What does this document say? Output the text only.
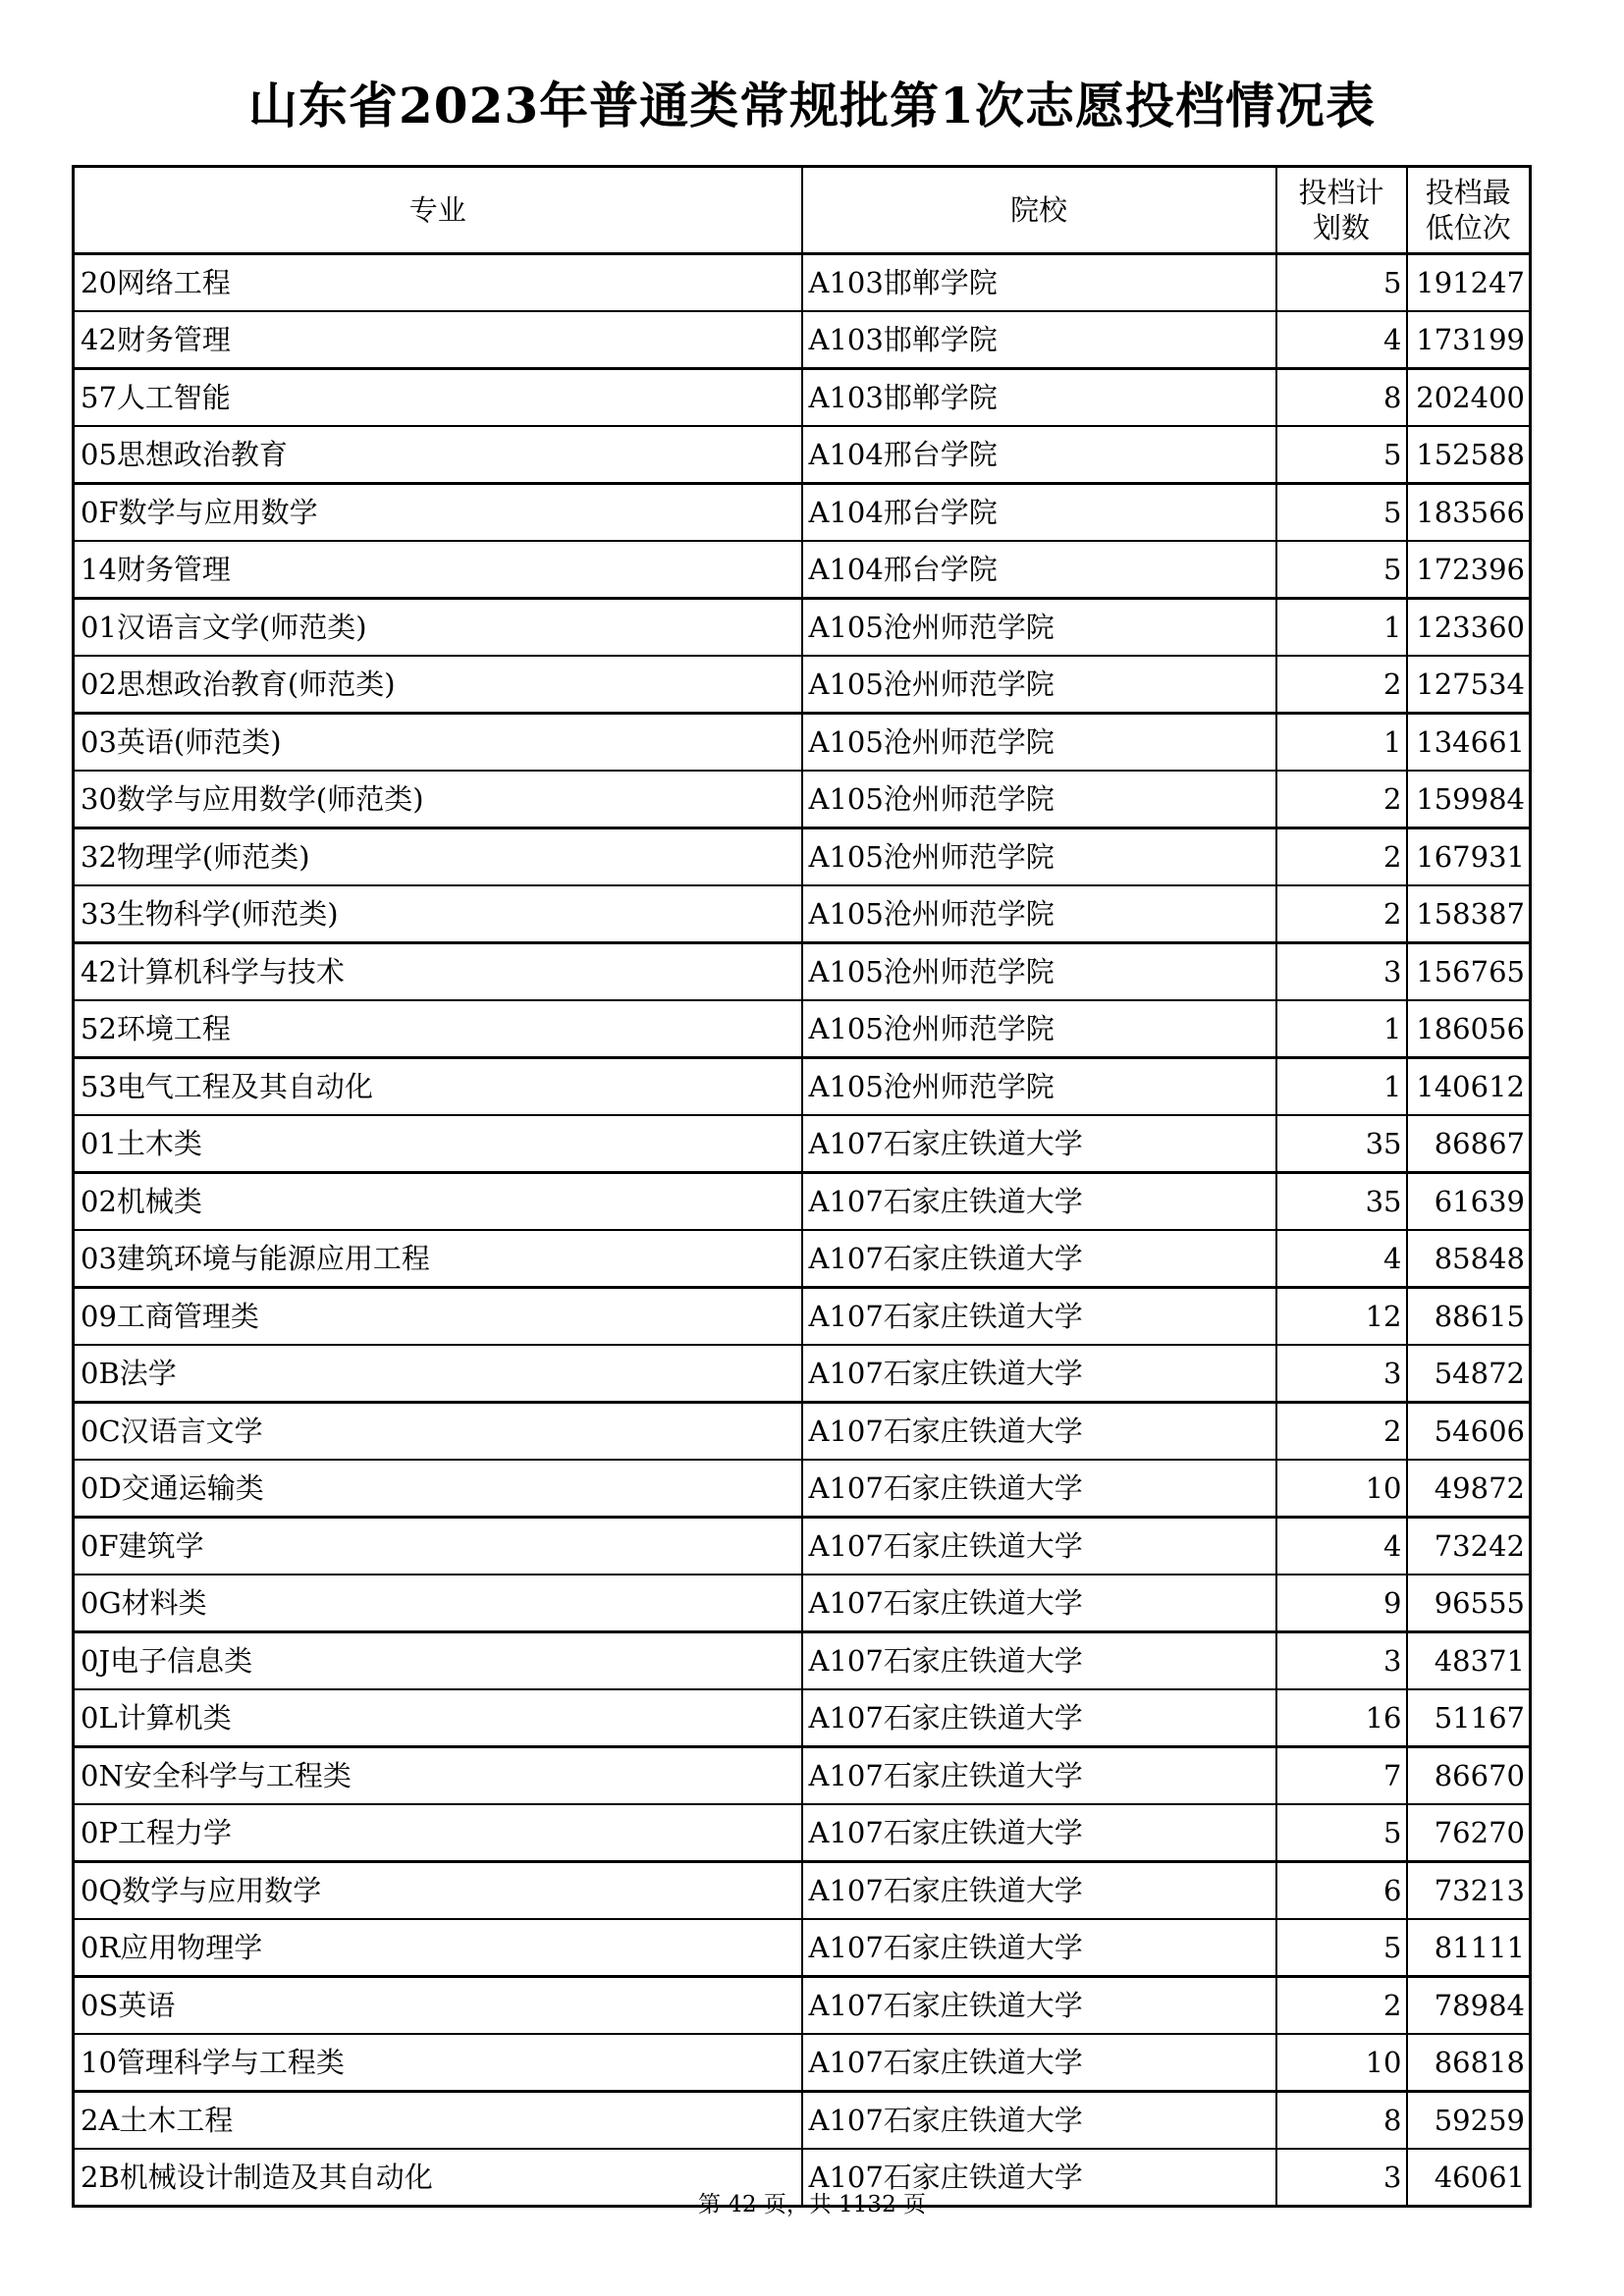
山东省2023年普通类常规批第1次志愿投档情况表
专业	院校	投档计划数	投档最低位次
20网络工程	A103邯郸学院	5	191247
42财务管理	A103邯郸学院	4	173199
57人工智能	A103邯郸学院	8	202400
05思想政治教育	A104邢台学院	5	152588
0F数学与应用数学	A104邢台学院	5	183566
14财务管理	A104邢台学院	5	172396
01汉语言文学(师范类)	A105沧州师范学院	1	123360
02思想政治教育(师范类)	A105沧州师范学院	2	127534
03英语(师范类)	A105沧州师范学院	1	134661
30数学与应用数学(师范类)	A105沧州师范学院	2	159984
32物理学(师范类)	A105沧州师范学院	2	167931
33生物科学(师范类)	A105沧州师范学院	2	158387
42计算机科学与技术	A105沧州师范学院	3	156765
52环境工程	A105沧州师范学院	1	186056
53电气工程及其自动化	A105沧州师范学院	1	140612
01土木类	A107石家庄铁道大学	35	86867
02机械类	A107石家庄铁道大学	35	61639
03建筑环境与能源应用工程	A107石家庄铁道大学	4	85848
09工商管理类	A107石家庄铁道大学	12	88615
0B法学	A107石家庄铁道大学	3	54872
0C汉语言文学	A107石家庄铁道大学	2	54606
0D交通运输类	A107石家庄铁道大学	10	49872
0F建筑学	A107石家庄铁道大学	4	73242
0G材料类	A107石家庄铁道大学	9	96555
0J电子信息类	A107石家庄铁道大学	3	48371
0L计算机类	A107石家庄铁道大学	16	51167
0N安全科学与工程类	A107石家庄铁道大学	7	86670
0P工程力学	A107石家庄铁道大学	5	76270
0Q数学与应用数学	A107石家庄铁道大学	6	73213
0R应用物理学	A107石家庄铁道大学	5	81111
0S英语	A107石家庄铁道大学	2	78984
10管理科学与工程类	A107石家庄铁道大学	10	86818
2A土木工程	A107石家庄铁道大学	8	59259
2B机械设计制造及其自动化	A107石家庄铁道大学	3	46061
第 42 页，共 1132 页
